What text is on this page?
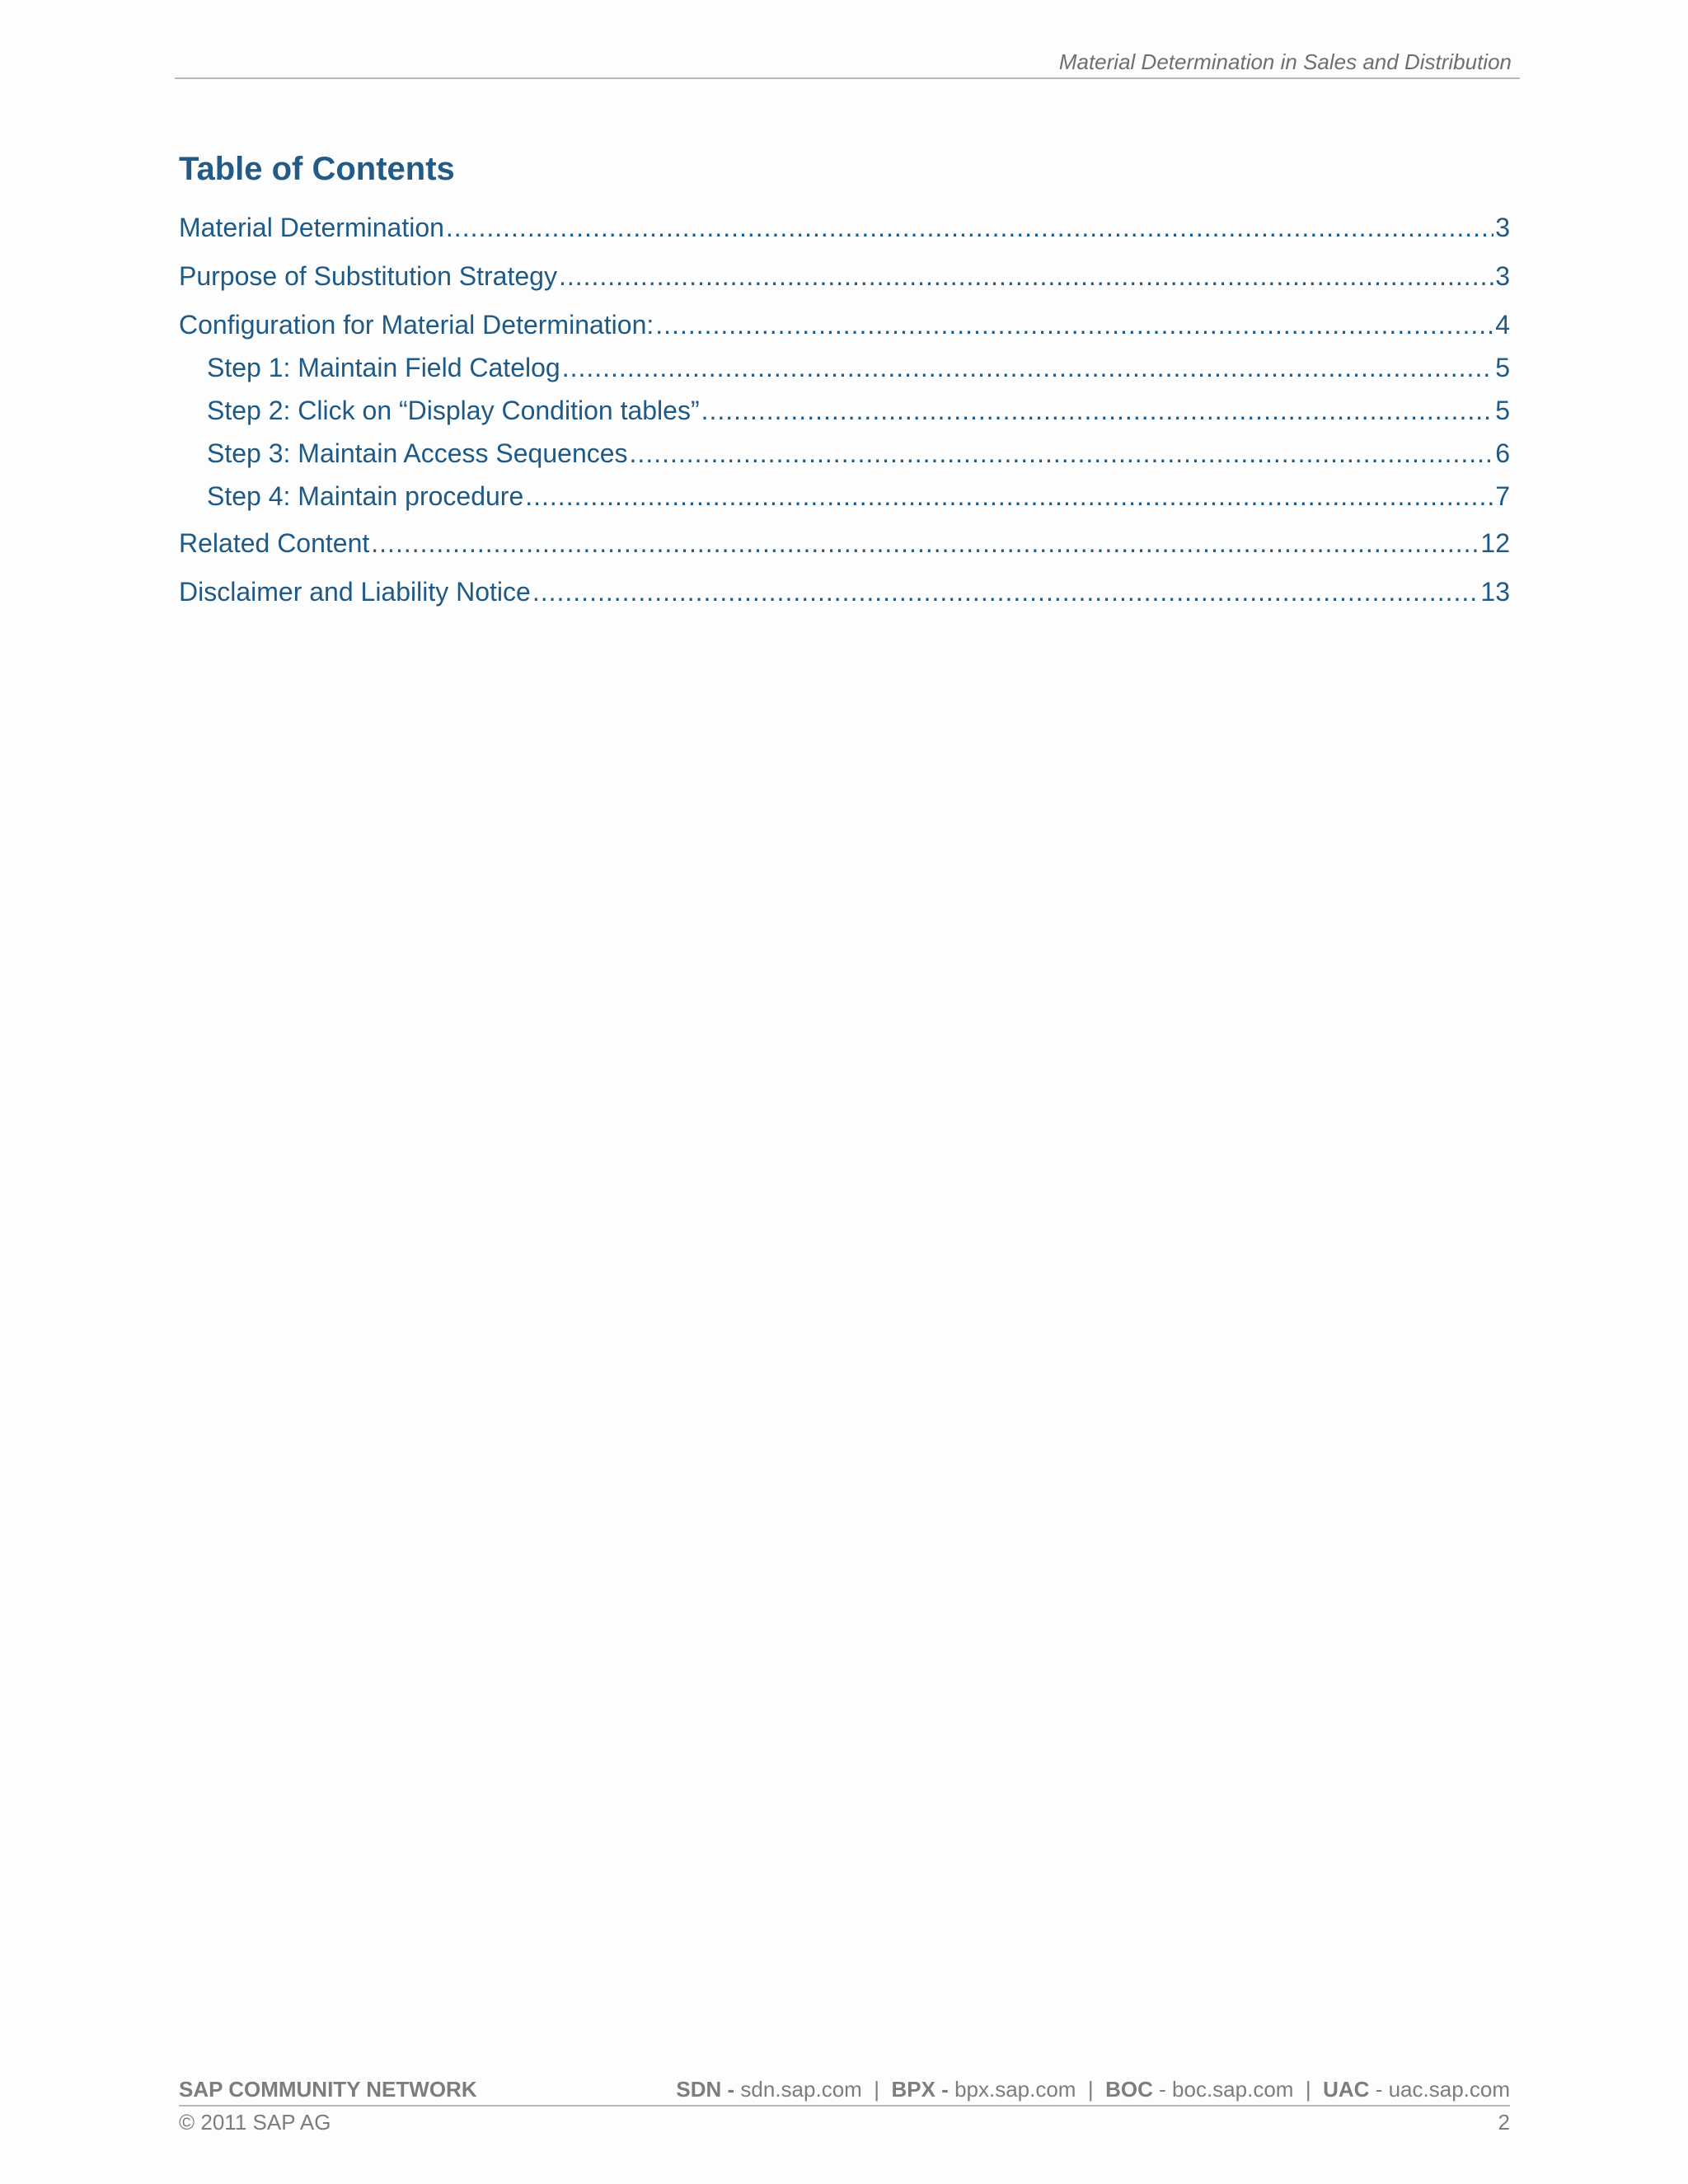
Material Determination in Sales and Distribution
Table of Contents
Material Determination .....	3
Purpose of Substitution Strategy .....	3
Configuration for Material Determination: .....	4
Step 1: Maintain Field Catelog .....	5
Step 2: Click on “Display Condition tables” .....	5
Step 3: Maintain Access Sequences .....	6
Step 4: Maintain procedure .....	7
Related Content .....	12
Disclaimer and Liability Notice .....	13
SAP COMMUNITY NETWORK	SDN - sdn.sap.com | BPX - bpx.sap.com | BOC - boc.sap.com | UAC - uac.sap.com
© 2011 SAP AG	2
